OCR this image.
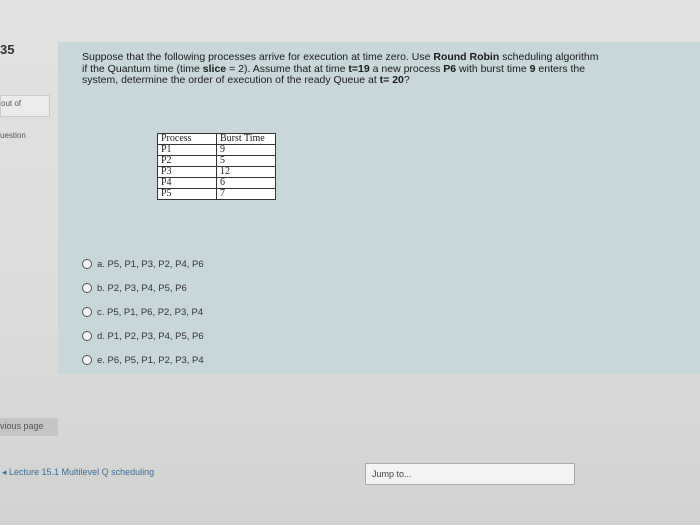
35
out of
uestion
Suppose that the following processes arrive for execution at time zero. Use Round Robin scheduling algorithm if the Quantum time (time slice = 2). Assume that at time t=19 a new process P6 with burst time 9 enters the system, determine the order of execution of the ready Queue at t= 20?
Process	Burst Time
P1	9
P2	5
P3	12
P4	6
P5	7
a. P5, P1, P3, P2, P4, P6
b. P2, P3, P4, P5, P6
c. P5, P1, P6, P2, P3, P4
d. P1, P2, P3, P4, P5, P6
e. P6, P5, P1, P2, P3, P4
vious page
◂ Lecture 15.1 Multilevel Q scheduling	Jump to...
